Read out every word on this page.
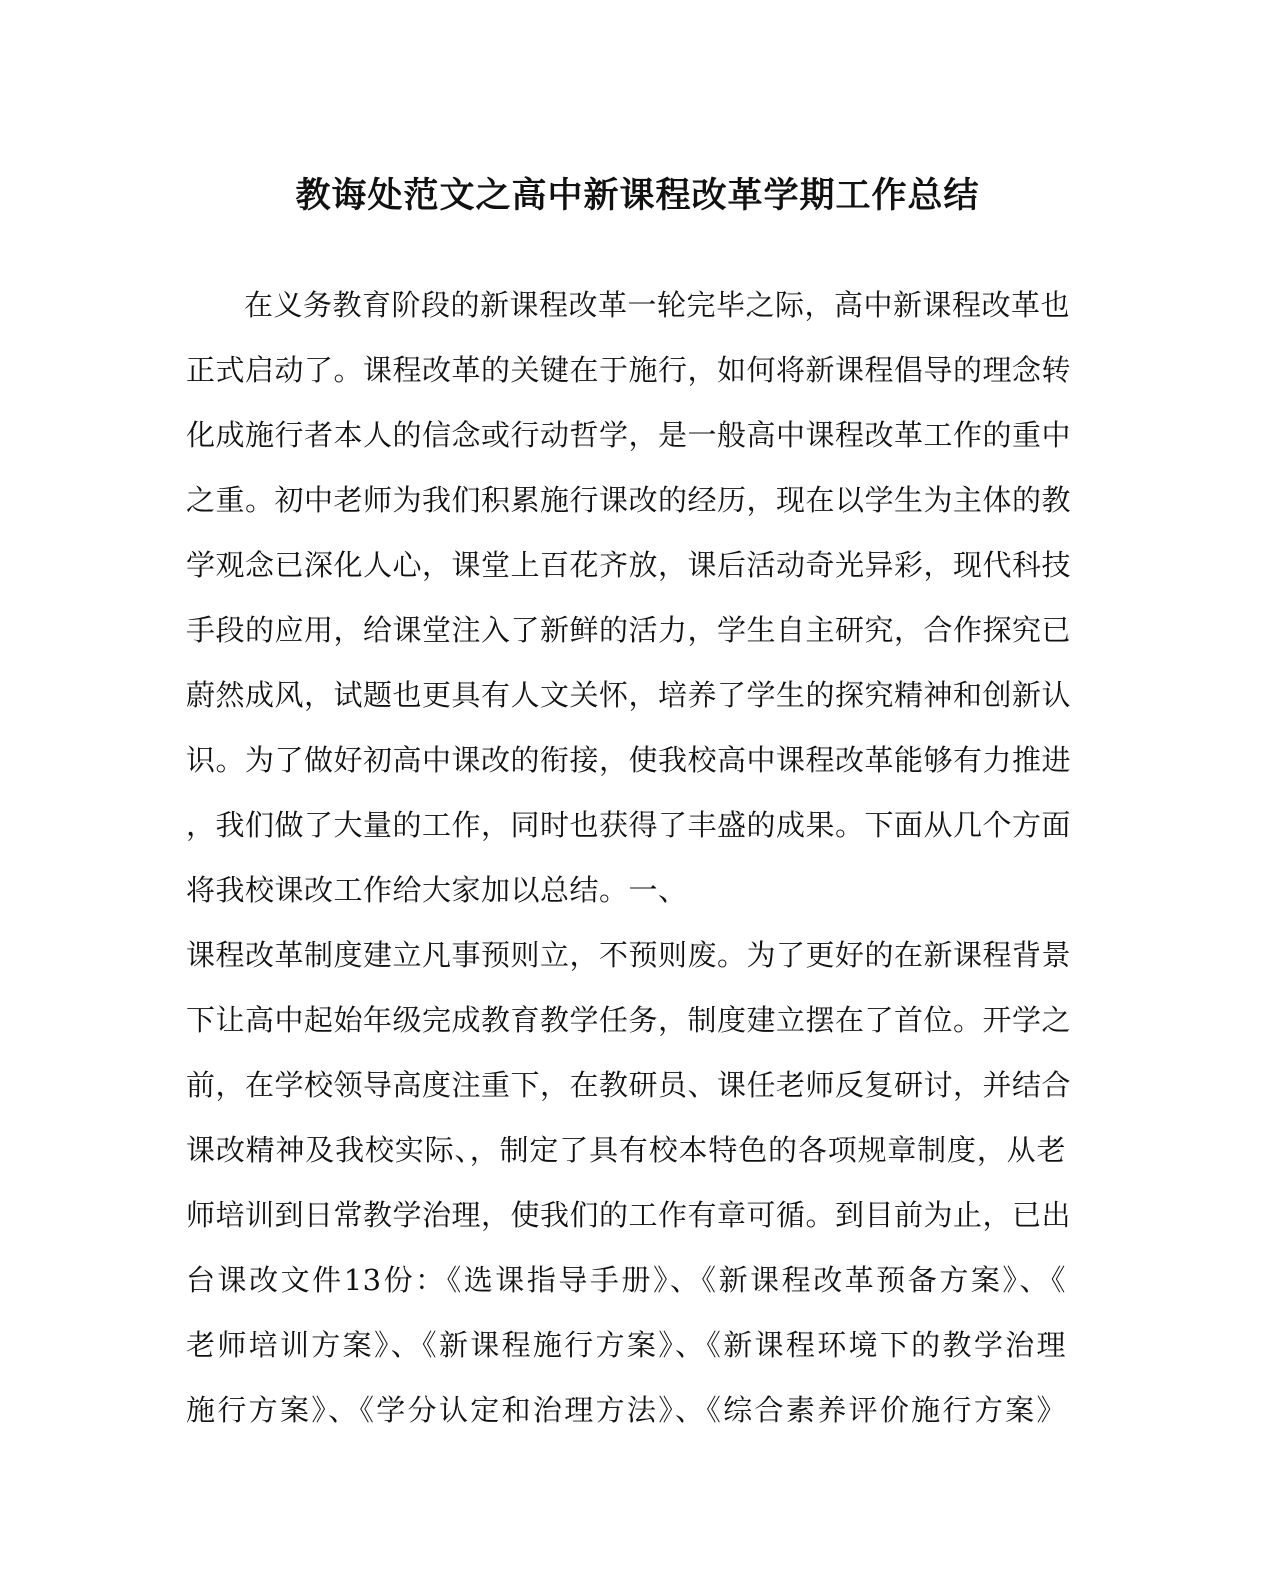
教诲处范文之高中新课程改革学期工作总结
在义务教育阶段的新课程改革一轮完毕之际，高中新课程改革也
正式启动了。课程改革的关键在于施行，如何将新课程倡导的理念转
化成施行者本人的信念或行动哲学，是一般高中课程改革工作的重中
之重。初中老师为我们积累施行课改的经历，现在以学生为主体的教
学观念已深化人心，课堂上百花齐放，课后活动奇光异彩，现代科技
手段的应用，给课堂注入了新鲜的活力，学生自主研究，合作探究已
蔚然成风，试题也更具有人文关怀，培养了学生的探究精神和创新认
识。为了做好初高中课改的衔接，使我校高中课程改革能够有力推进
，我们做了大量的工作，同时也获得了丰盛的成果。下面从几个方面
将我校课改工作给大家加以总结。一、
课程改革制度建立凡事预则立，不预则废。为了更好的在新课程背景
下让高中起始年级完成教育教学任务，制度建立摆在了首位。开学之
前，在学校领导高度注重下，在教研员、课任老师反复研讨，并结合
课改精神及我校实际、，制定了具有校本特色的各项规章制度，从老
师培训到日常教学治理，使我们的工作有章可循。到目前为止，已出
台课改文件13份：《选课指导手册》、《新课程改革预备方案》、《
老师培训方案》、《新课程施行方案》、《新课程环境下的教学治理
施行方案》、《学分认定和治理方法》、《综合素养评价施行方案》
